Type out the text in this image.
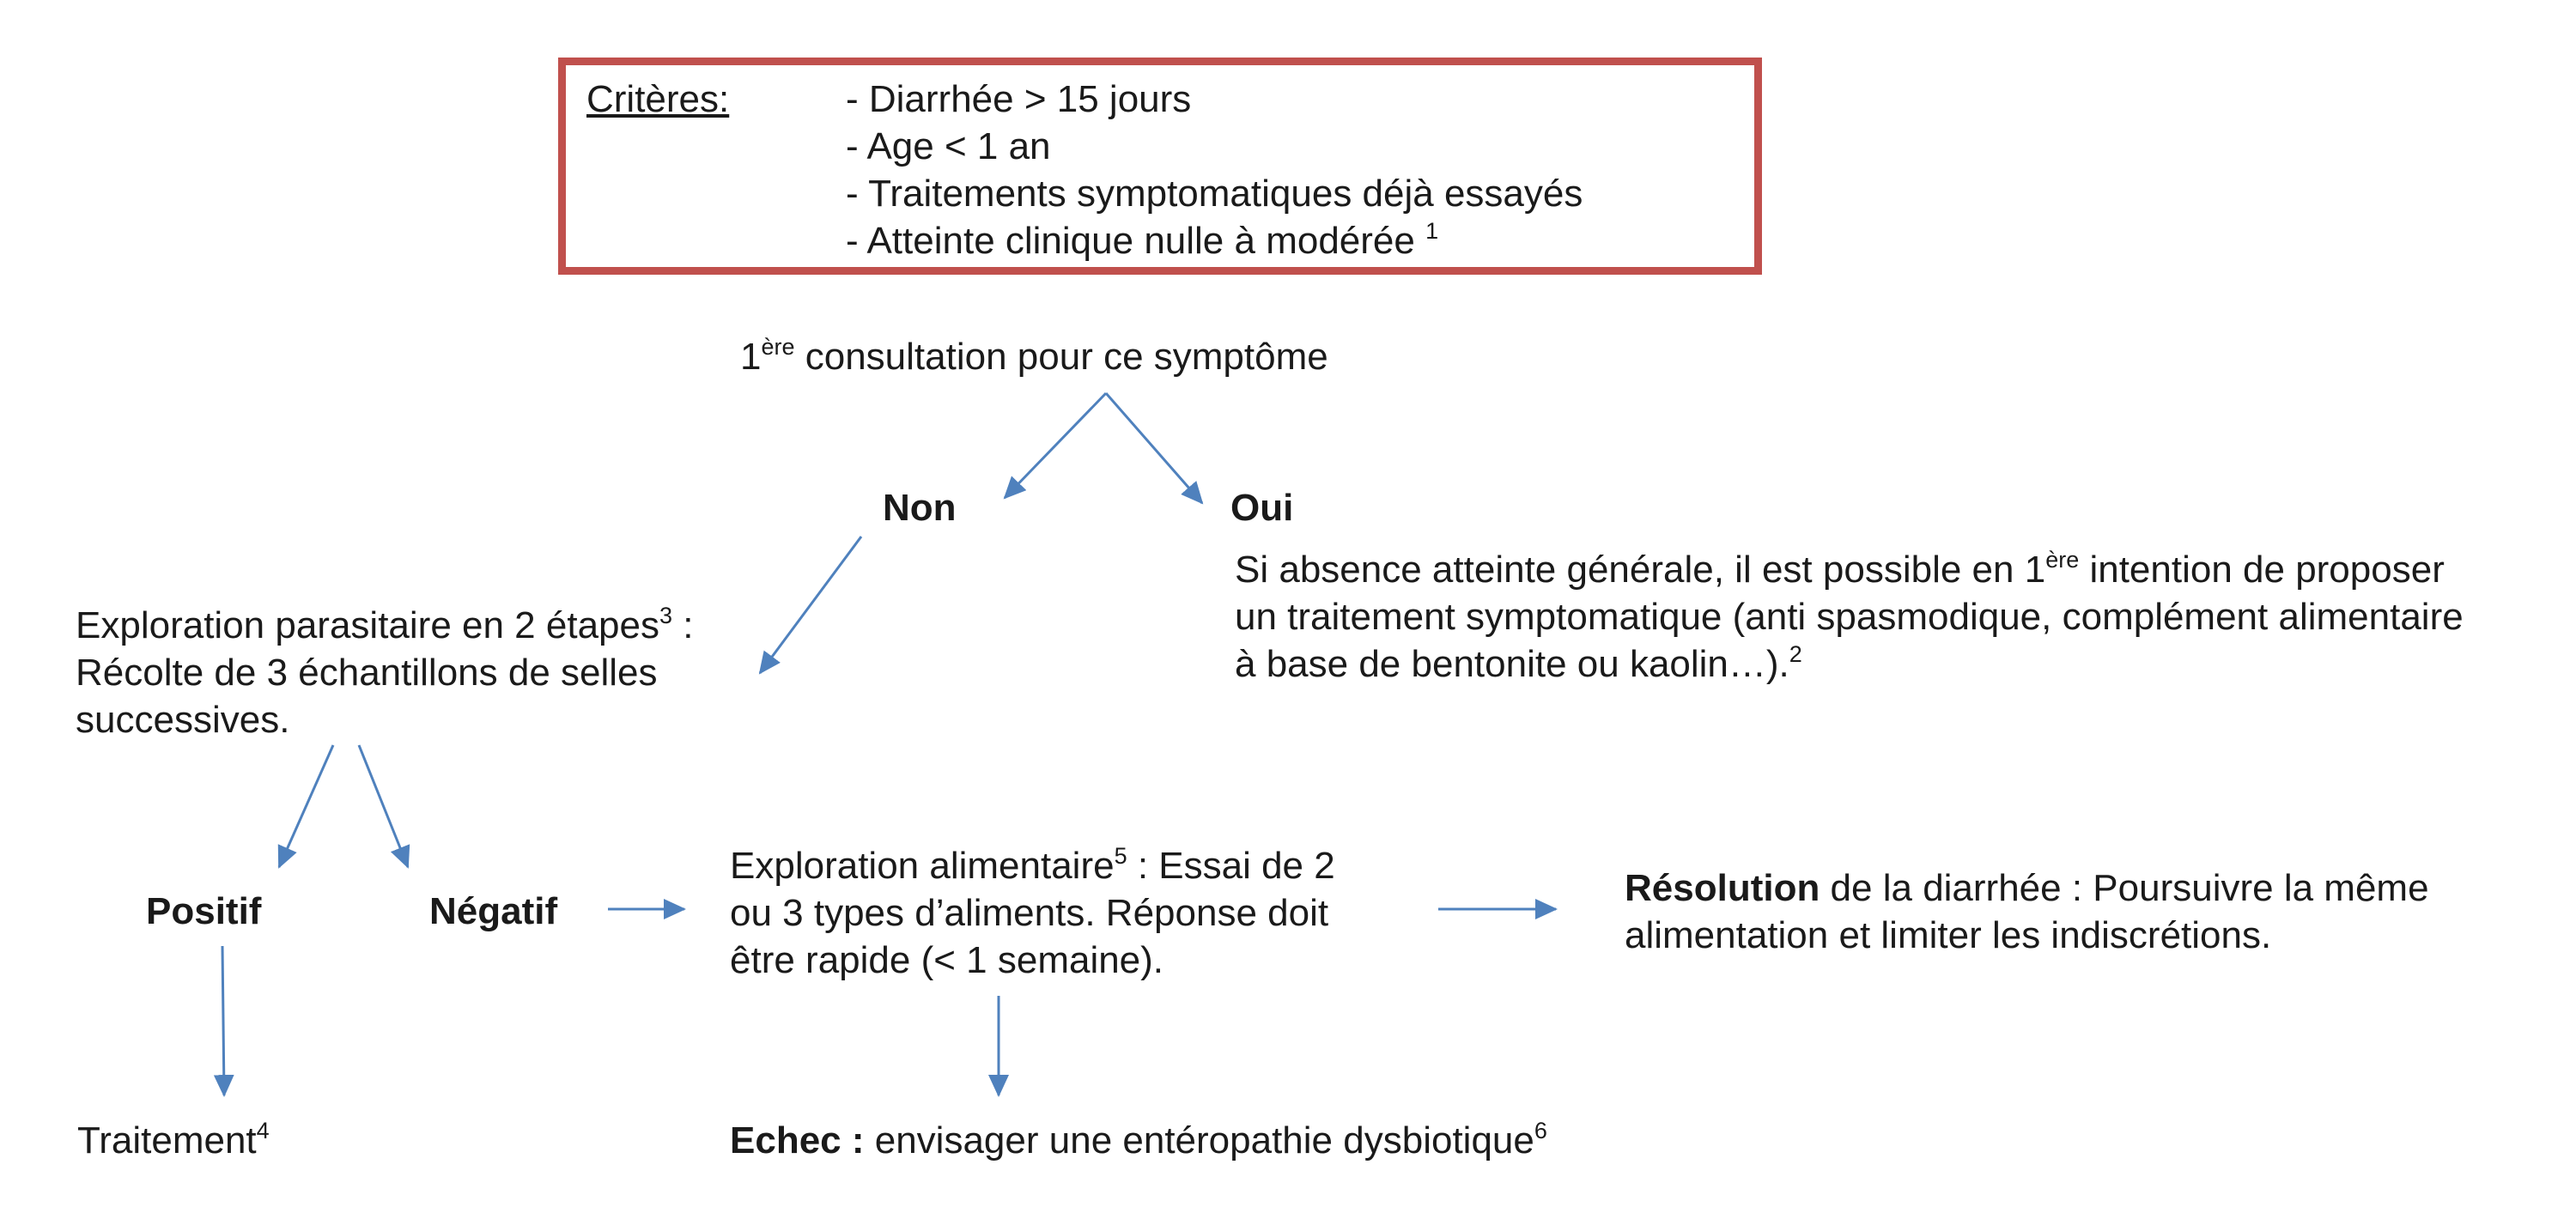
Critères:	- Diarrhée > 15 jours
- Age < 1 an
- Traitements symptomatiques déjà essayés
- Atteinte clinique nulle à modérée $^1$
1ère consultation pour ce symptôme
Non	Oui
Si absence atteinte générale, il est possible en 1ère intention de proposer
un traitement symptomatique (anti spasmodique, complément alimentaire
à base de bentonite ou kaolin…).$^2$
Exploration parasitaire en 2 étapes$^3$ :
Récolte de 3 échantillons de selles
successives.
Positif	Négatif
Traitement$^4$
Exploration alimentaire$^5$ : Essai de 2
ou 3 types d’aliments. Réponse doit
être rapide (< 1 semaine).
Résolution de la diarrhée : Poursuivre la même
alimentation et limiter les indiscrétions.
Echec : envisager une entéropathie dysbiotique$^6$
